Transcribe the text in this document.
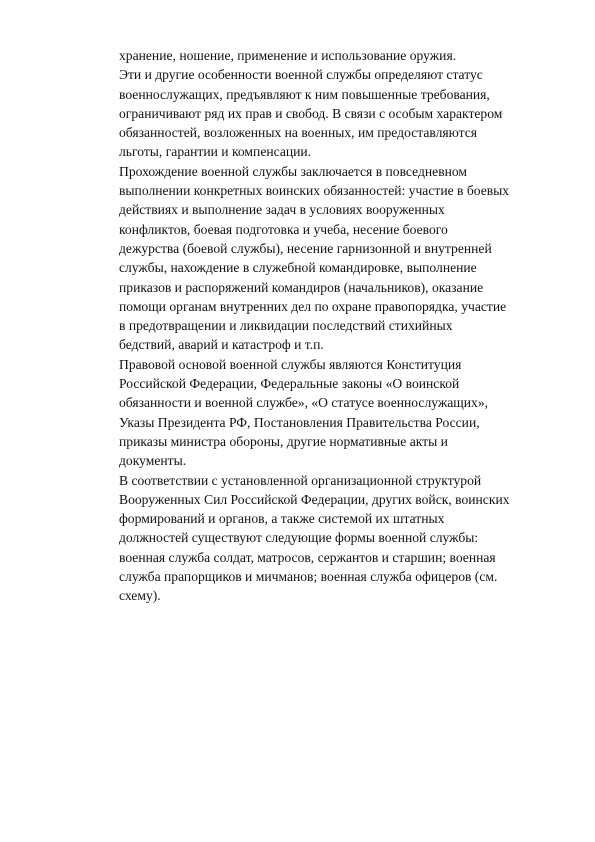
хранение, ношение, применение и использование оружия.
Эти и другие особенности военной службы определяют статус
военнослужащих, предъявляют к ним повышенные требования,
ограничивают ряд их прав и свобод. В связи с особым характером
обязанностей, возложенных на военных, им предоставляются
льготы, гарантии и компенсации.
Прохождение военной службы заключается в повседневном
выполнении конкретных воинских обязанностей: участие в боевых
действиях и выполнение задач в условиях вооруженных
конфликтов, боевая подготовка и учеба, несение боевого
дежурства (боевой службы), несение гарнизонной и внутренней
службы, нахождение в служебной командировке, выполнение
приказов и распоряжений командиров (начальников), оказание
помощи органам внутренних дел по охране правопорядка, участие
в предотвращении и ликвидации последствий стихийных
бедствий, аварий и катастроф и т.п.
Правовой основой военной службы являются Конституция
Российской Федерации, Федеральные законы «О воинской
обязанности и военной службе», «О статусе военнослужащих»,
Указы Президента РФ, Постановления Правительства России,
приказы министра обороны, другие нормативные акты и
документы.
В соответствии с установленной организационной структурой
Вооруженных Сил Российской Федерации, других войск, воинских
формирований и органов, а также системой их штатных
должностей существуют следующие формы военной службы:
военная служба солдат, матросов, сержантов и старшин; военная
служба прапорщиков и мичманов; военная служба офицеров (см.
схему).
